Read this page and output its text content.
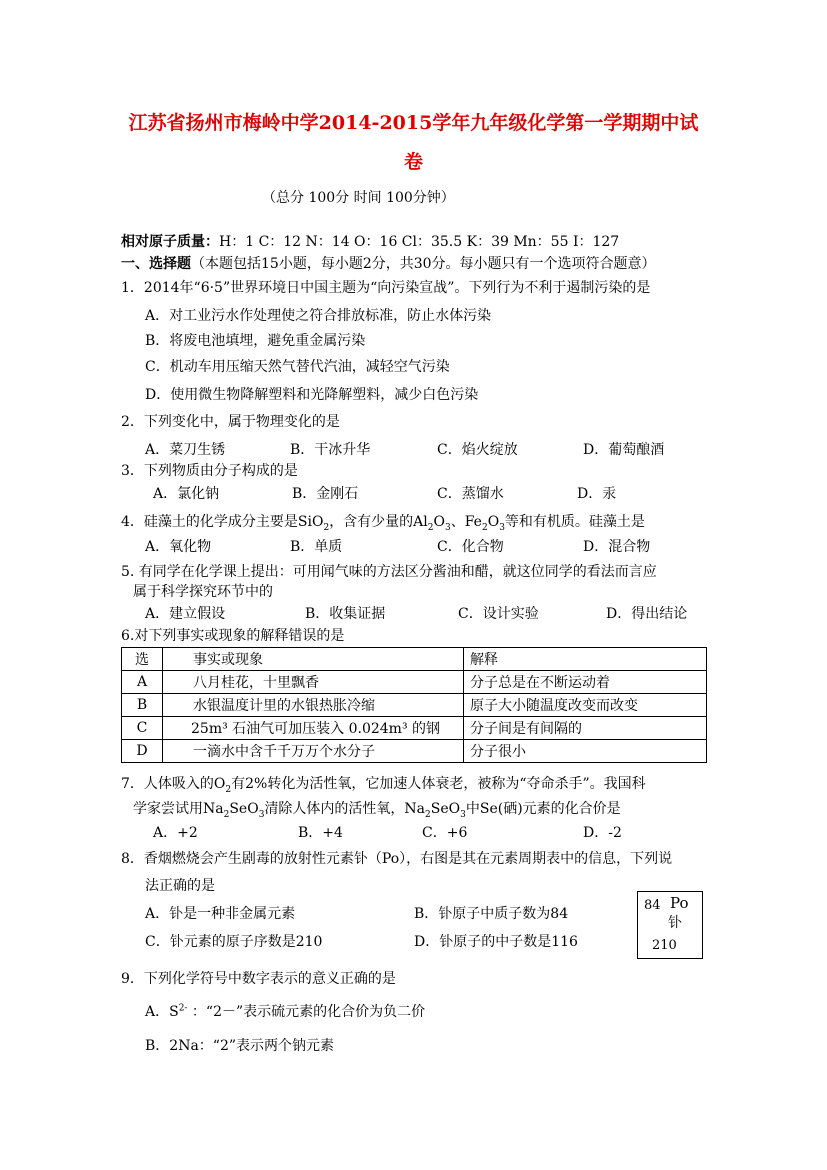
江苏省扬州市梅岭中学2014-2015学年九年级化学第一学期期中试
卷
（总分 100分 时间 100分钟）
相对原子质量：H：1 C：12 N：14 O：16 Cl：35.5 K：39 Mn：55 I：127
一、选择题（本题包括15小题，每小题2分，共30分。每小题只有一个选项符合题意）
1．2014年“6·5”世界环境日中国主题为“向污染宣战”。下列行为不利于遏制污染的是
A．对工业污水作处理使之符合排放标准，防止水体污染
B．将废电池填埋，避免重金属污染
C．机动车用压缩天然气替代汽油，减轻空气污染
D．使用微生物降解塑料和光降解塑料，减少白色污染
2．下列变化中，属于物理变化的是
A．菜刀生锈	B．干冰升华	C．焰火绽放	D．葡萄酿酒
3．下列物质由分子构成的是
A．氯化钠	B．金刚石	C．蒸馏水	D．汞
4．硅藻土的化学成分主要是SiO$_2$，含有少量的$Al_2O_3$、$Fe_2O_3$等和有机质。硅藻土是
A．氧化物	B．单质	C．化合物	D．混合物
5. 有同学在化学课上提出：可用闻气味的方法区分酱油和醋，就这位同学的看法而言应
属于科学探究环节中的
A．建立假设	B．收集证据	C．设计实验	D．得出结论
6.对下列事实或现象的解释错误的是
选	事实或现象	解释
A	八月桂花，十里飘香	分子总是在不断运动着
B	水银温度计里的水银热胀冷缩	原子大小随温度改变而改变
C	25m³ 石油气可加压装入 0.024m³ 的钢	分子间是有间隔的
D	一滴水中含千千万万个水分子	分子很小
7．人体吸入的$O_2$有2%转化为活性氧，它加速人体衰老，被称为“夺命杀手”。我国科
学家尝试用$Na_2SeO_3$清除人体内的活性氧，$Na_2SeO_3$中Se(硒)元素的化合价是
A．+2	B．+4	C．+6	D．-2
8．香烟燃烧会产生剧毒的放射性元素钋（Po），右图是其在元素周期表中的信息，下列说
法正确的是
A．钋是一种非金属元素	B．钋原子中质子数为84
C．钋元素的原子序数是210	D．钋原子的中子数是116
84 Po
钋
210
9．下列化学符号中数字表示的意义正确的是
A．$S^{2-}$ ：“2－”表示硫元素的化合价为负二价
B．2Na：“2”表示两个钠元素
